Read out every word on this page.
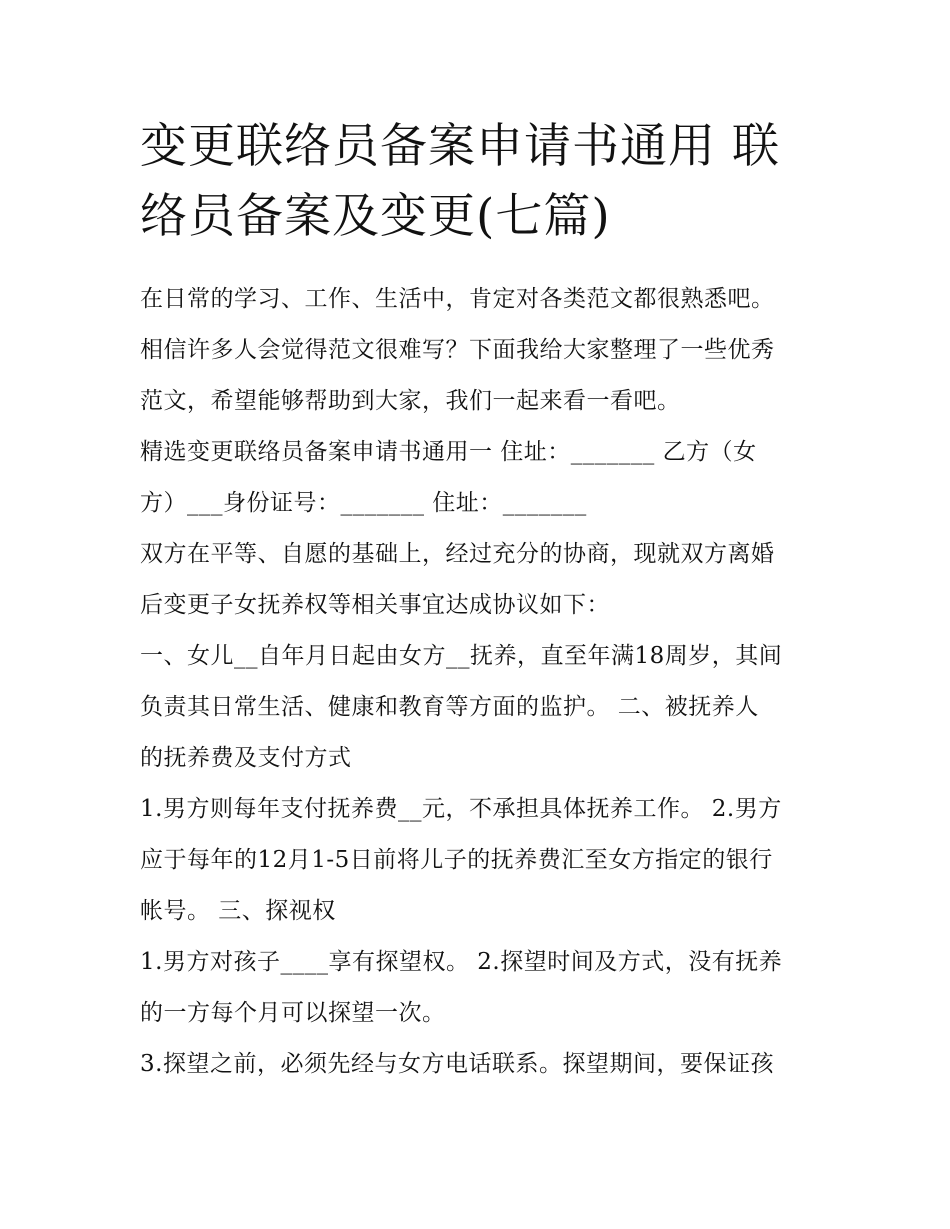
变更联络员备案申请书通用 联
络员备案及变更(七篇)

在日常的学习、工作、生活中，肯定对各类范文都很熟悉吧。

相信许多人会觉得范文很难写？下面我给大家整理了一些优秀

范文，希望能够帮助到大家，我们一起来看一看吧。

精选变更联络员备案申请书通用一 住址：_______ 乙方（女

方）___身份证号：_______ 住址：_______

双方在平等、自愿的基础上，经过充分的协商，现就双方离婚

后变更子女抚养权等相关事宜达成协议如下：

一、女儿__自年月日起由女方__抚养，直至年满18周岁，其间

负责其日常生活、健康和教育等方面的监护。 二、被抚养人

的抚养费及支付方式

1.男方则每年支付抚养费__元，不承担具体抚养工作。 2.男方

应于每年的12月1-5日前将儿子的抚养费汇至女方指定的银行

帐号。 三、探视权

1.男方对孩子____享有探望权。 2.探望时间及方式，没有抚养

的一方每个月可以探望一次。

3.探望之前，必须先经与女方电话联系。探望期间，要保证孩
